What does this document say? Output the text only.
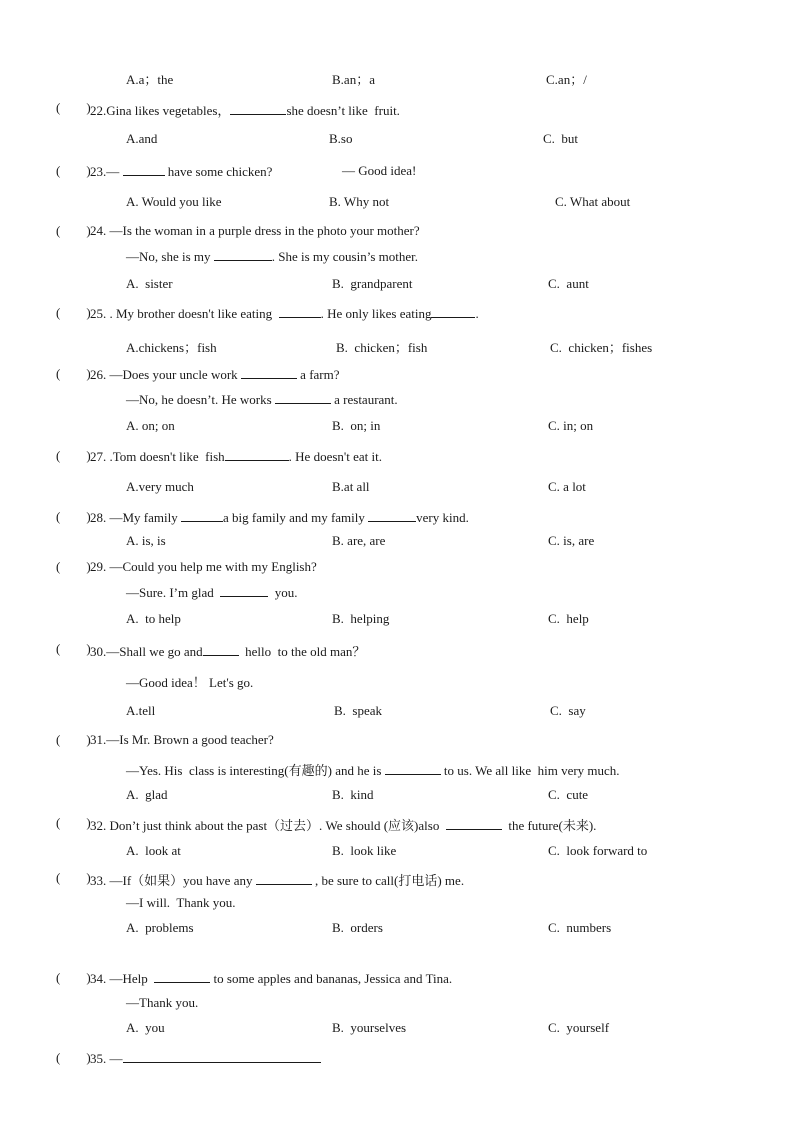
A.a；the	B.an；a	C.an；/
(        ) 22.Gina likes vegetables，	she doesn’t like  fruit.
A.and	B.so	C.  but
(        ) 23.—	have some chicken?	— Good idea!
A. Would you like	B. Why not	C. What about
(        ) 24. —Is the woman in a purple dress in the photo your mother?
—No, she is my	. She is my cousin’s mother.
A.  sister	B.  grandparent	C.  aunt
(        ) 25. . My brother doesn't like eating	. He only likes eating	.
A.chickens；fish	B.  chicken；fish	C.  chicken；fishes
(        ) 26. —Does your uncle work	a farm?
—No, he doesn’t. He works	a restaurant.
A. on; on	B.  on; in	C. in; on
(        ) 27. .Tom doesn't like  fish	. He doesn't eat it.
A.very much	B.at all	C. a lot
(        ) 28. —My family	a big family and my family	very kind.
A. is, is	B. are, are	C. is, are
(        ) 29. —Could you help me with my English?
—Sure. I’m glad	you.
A.  to help	B.  helping	C.  help
(        ) 30.—Shall we go and	hello  to the old man？
—Good idea！ Let's go.
A.tell	B.  speak	C.  say
(        ) 31.—Is Mr. Brown a good teacher?
—Yes. His  class is interesting(有趣的) and he is	to us. We all like  him very much.
A.  glad	B.  kind	C.  cute
(        ) 32. Don’t just think about the past（过去）. We should (应该)also	the future(未来).
A.  look at	B.  look like	C.  look forward to
(        ) 33. —If（如果）you have any	, be sure to call(打电话) me.
—I will.  Thank you.
A.  problems	B.  orders	C.  numbers
(        ) 34. —Help	to some apples and bananas, Jessica and Tina.
—Thank you.
A.  you	B.  yourselves	C.  yourself
(        ) 35. —
